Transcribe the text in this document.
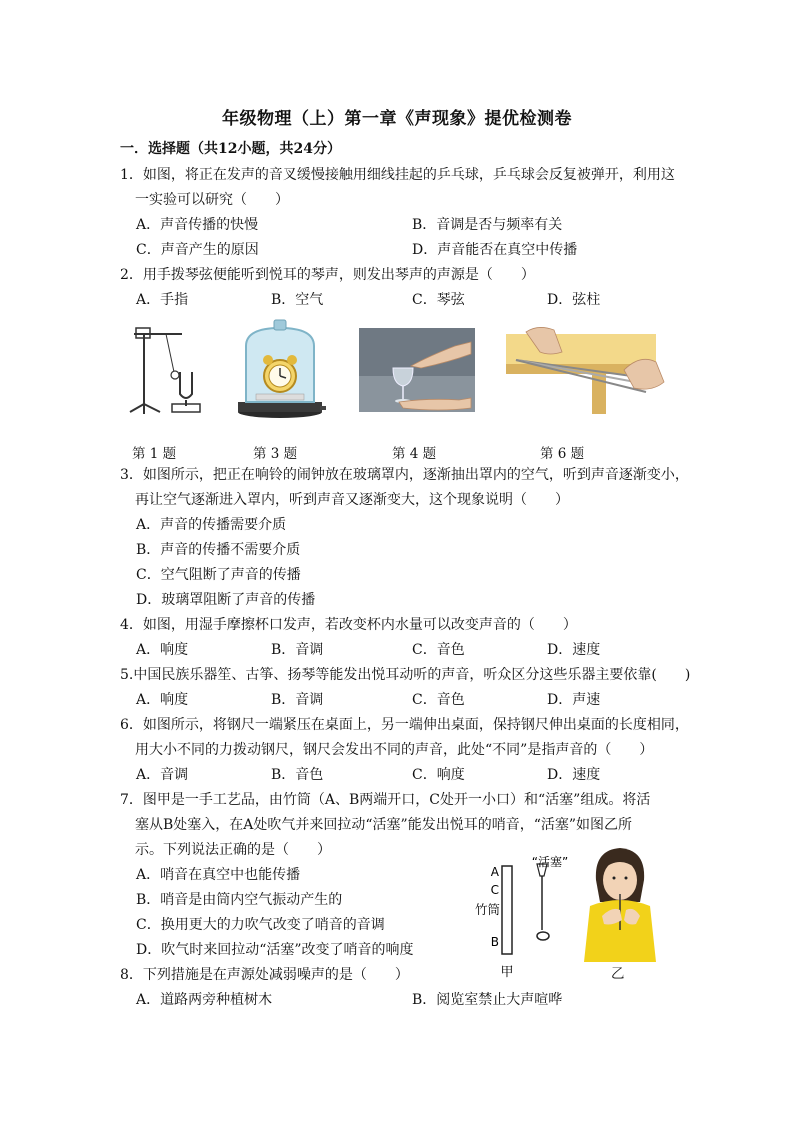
年级物理（上）第一章《声现象》提优检测卷
一．选择题（共12小题，共24分）
1．如图，将正在发声的音叉缓慢接触用细线挂起的乒乓球，乒乓球会反复被弹开，利用这
一实验可以研究（　　）
A．声音传播的快慢	B．音调是否与频率有关
C．声音产生的原因	D．声音能否在真空中传播
2．用手拨琴弦便能听到悦耳的琴声，则发出琴声的声源是（　　）
A．手指	B．空气	C．琴弦	D．弦柱
第 1 题	第 3 题	第 4 题	第 6 题
3．如图所示，把正在响铃的闹钟放在玻璃罩内，逐渐抽出罩内的空气，听到声音逐渐变小，
再让空气逐渐进入罩内，听到声音又逐渐变大，这个现象说明（　　）
A．声音的传播需要介质
B．声音的传播不需要介质
C．空气阻断了声音的传播
D．玻璃罩阻断了声音的传播
4．如图，用湿手摩擦杯口发声，若改变杯内水量可以改变声音的（　　）
A．响度	B．音调	C．音色	D．速度
5.中国民族乐器笙、古筝、扬琴等能发出悦耳动听的声音，听众区分这些乐器主要依靠(　　)
A．响度	B．音调	C．音色	D．声速
6．如图所示，将钢尺一端紧压在桌面上，另一端伸出桌面，保持钢尺伸出桌面的长度相同，
用大小不同的力拨动钢尺，钢尺会发出不同的声音，此处“不同”是指声音的（　　）
A．音调	B．音色	C．响度	D．速度
7．图甲是一手工艺品，由竹筒（A、B两端开口，C处开一小口）和“活塞”组成。将活
塞从B处塞入，在A处吹气并来回拉动“活塞”能发出悦耳的哨音，“活塞”如图乙所
示。下列说法正确的是（　　）
A．哨音在真空中也能传播
B．哨音是由筒内空气振动产生的
C．换用更大的力吹气改变了哨音的音调
D．吹气时来回拉动“活塞”改变了哨音的响度
A
C
B
竹筒
“活塞”
甲	乙
8．下列措施是在声源处减弱噪声的是（　　）
A．道路两旁种植树木	B．阅览室禁止大声喧哗
